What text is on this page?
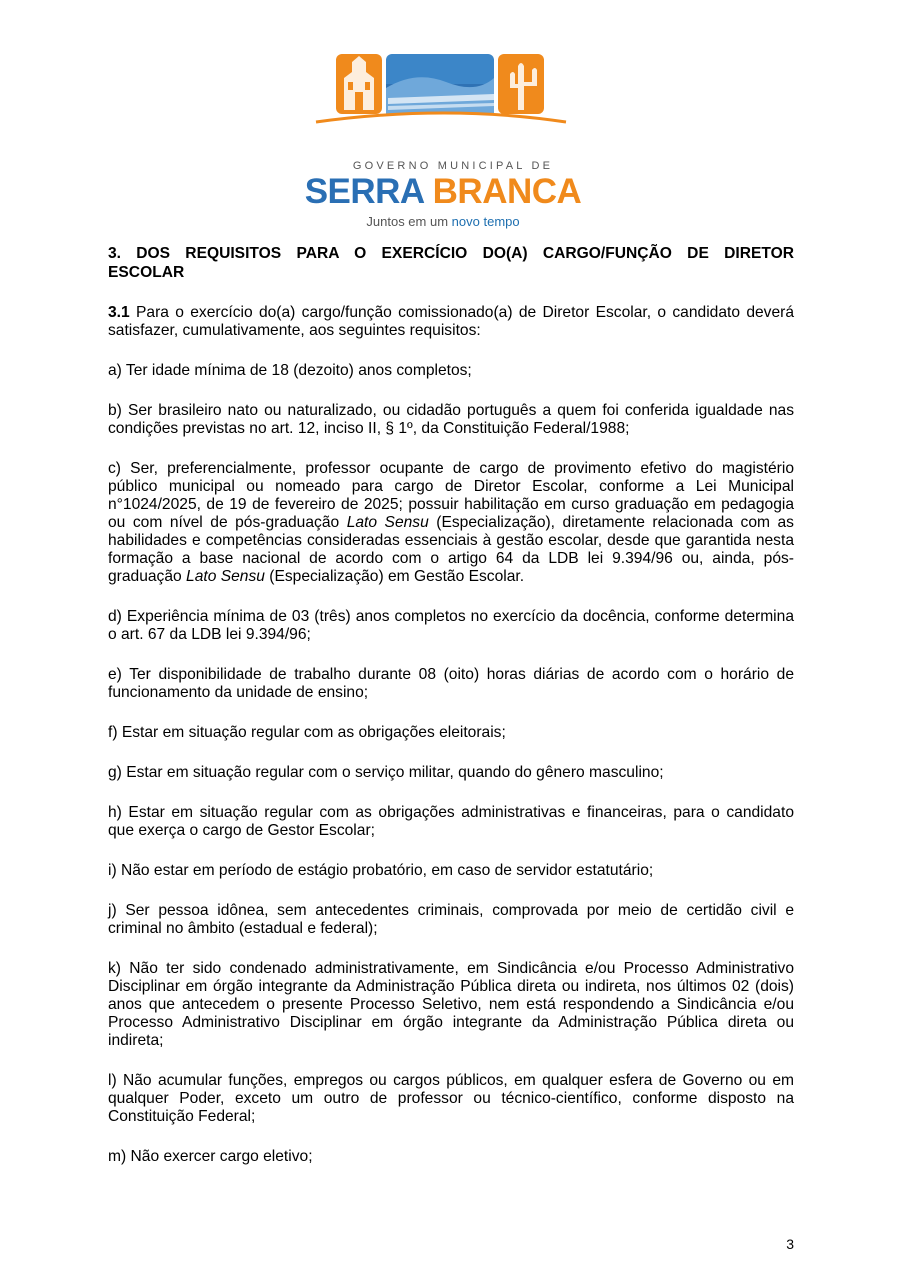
GOVERNO MUNICIPAL DE
SERRA BRANCA
Juntos em um novo tempo
3. DOS REQUISITOS PARA O EXERCÍCIO DO(A) CARGO/FUNÇÃO DE DIRETOR
ESCOLAR

3.1 Para o exercício do(a) cargo/função comissionado(a) de Diretor Escolar, o candidato deverá satisfazer, cumulativamente, aos seguintes requisitos:

a) Ter idade mínima de 18 (dezoito) anos completos;

b) Ser brasileiro nato ou naturalizado, ou cidadão português a quem foi conferida igualdade nas condições previstas no art. 12, inciso II, § 1º, da Constituição Federal/1988;

c) Ser, preferencialmente, professor ocupante de cargo de provimento efetivo do magistério público municipal ou nomeado para cargo de Diretor Escolar, conforme a Lei Municipal n°1024/2025, de 19 de fevereiro de 2025; possuir habilitação em curso graduação em pedagogia ou com nível de pós-graduação Lato Sensu (Especialização), diretamente relacionada com as habilidades e competências consideradas essenciais à gestão escolar, desde que garantida nesta formação a base nacional de acordo com o artigo 64 da LDB lei 9.394/96 ou, ainda, pós-graduação Lato Sensu (Especialização) em Gestão Escolar.

d) Experiência mínima de 03 (três) anos completos no exercício da docência, conforme determina o art. 67 da LDB lei 9.394/96;

e) Ter disponibilidade de trabalho durante 08 (oito) horas diárias de acordo com o horário de funcionamento da unidade de ensino;

f) Estar em situação regular com as obrigações eleitorais;

g) Estar em situação regular com o serviço militar, quando do gênero masculino;

h) Estar em situação regular com as obrigações administrativas e financeiras, para o candidato que exerça o cargo de Gestor Escolar;

i) Não estar em período de estágio probatório, em caso de servidor estatutário;

j) Ser pessoa idônea, sem antecedentes criminais, comprovada por meio de certidão civil e criminal no âmbito (estadual e federal);

k) Não ter sido condenado administrativamente, em Sindicância e/ou Processo Administrativo Disciplinar em órgão integrante da Administração Pública direta ou indireta, nos últimos 02 (dois) anos que antecedem o presente Processo Seletivo, nem está respondendo a Sindicância e/ou Processo Administrativo Disciplinar em órgão integrante da Administração Pública direta ou indireta;

l) Não acumular funções, empregos ou cargos públicos, em qualquer esfera de Governo ou em qualquer Poder, exceto um outro de professor ou técnico-científico, conforme disposto na Constituição Federal;

m) Não exercer cargo eletivo;

3
